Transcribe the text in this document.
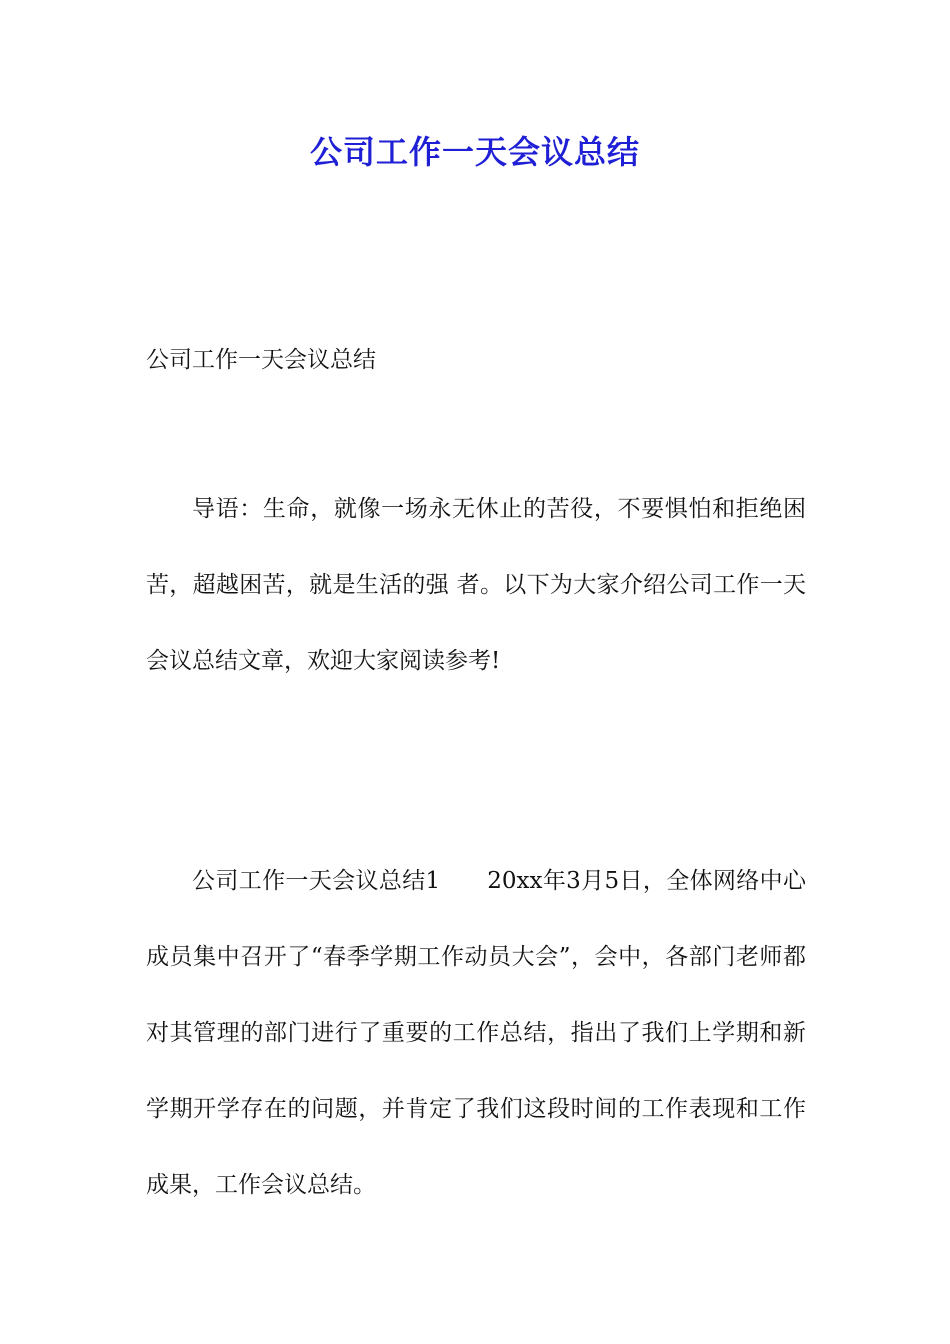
公司工作一天会议总结
公司工作一天会议总结

导语：生命，就像一场永无休止的苦役，不要惧怕和拒绝困苦，超越困苦，就是生活的强 者。以下为大家介绍公司工作一天会议总结文章，欢迎大家阅读参考!

公司工作一天会议总结1　　20xx年3月5日，全体网络中心成员集中召开了“春季学期工作动员大会”，会中，各部门老师都对其管理的部门进行了重要的工作总结，指出了我们上学期和新学期开学存在的问题，并肯定了我们这段时间的工作表现和工作成果，工作会议总结。
